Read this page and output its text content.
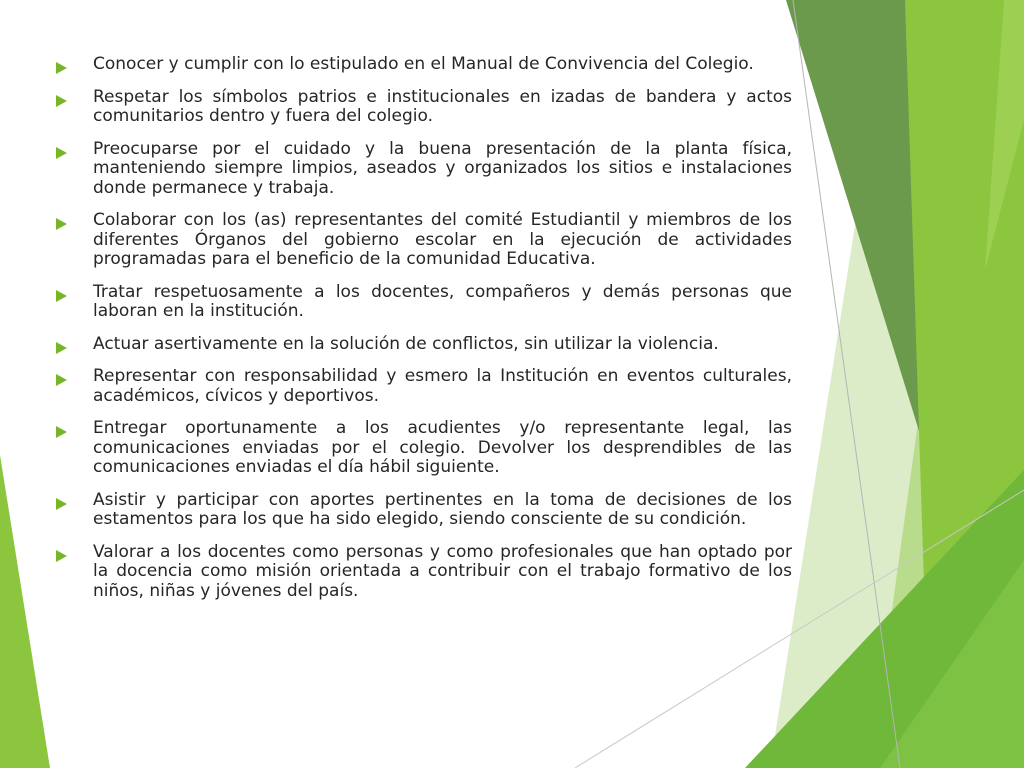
Conocer y cumplir con lo estipulado en el Manual de Convivencia del Colegio.
Respetar los símbolos patrios e institucionales en izadas de bandera y actos comunitarios dentro y fuera del colegio.
Preocuparse por el cuidado y la buena presentación de la planta física, manteniendo siempre limpios, aseados y organizados los sitios e instalaciones donde permanece y trabaja.
Colaborar con los (as) representantes del comité Estudiantil y miembros de los diferentes Órganos del gobierno escolar en la ejecución de actividades programadas para el beneficio de la comunidad Educativa.
Tratar respetuosamente a los docentes, compañeros y demás personas que laboran en la institución.
Actuar asertivamente en la solución de conflictos, sin utilizar la violencia.
Representar con responsabilidad y esmero la Institución en eventos culturales, académicos, cívicos y deportivos.
Entregar oportunamente a los acudientes y/o representante legal, las comunicaciones enviadas por el colegio. Devolver los desprendibles de las comunicaciones enviadas el día hábil siguiente.
Asistir y participar con aportes pertinentes en la toma de decisiones de los estamentos para los que ha sido elegido, siendo consciente de su condición.
Valorar a los docentes como personas y como profesionales que han optado por la docencia como misión orientada a contribuir con el trabajo formativo de los niños, niñas y jóvenes del país.
